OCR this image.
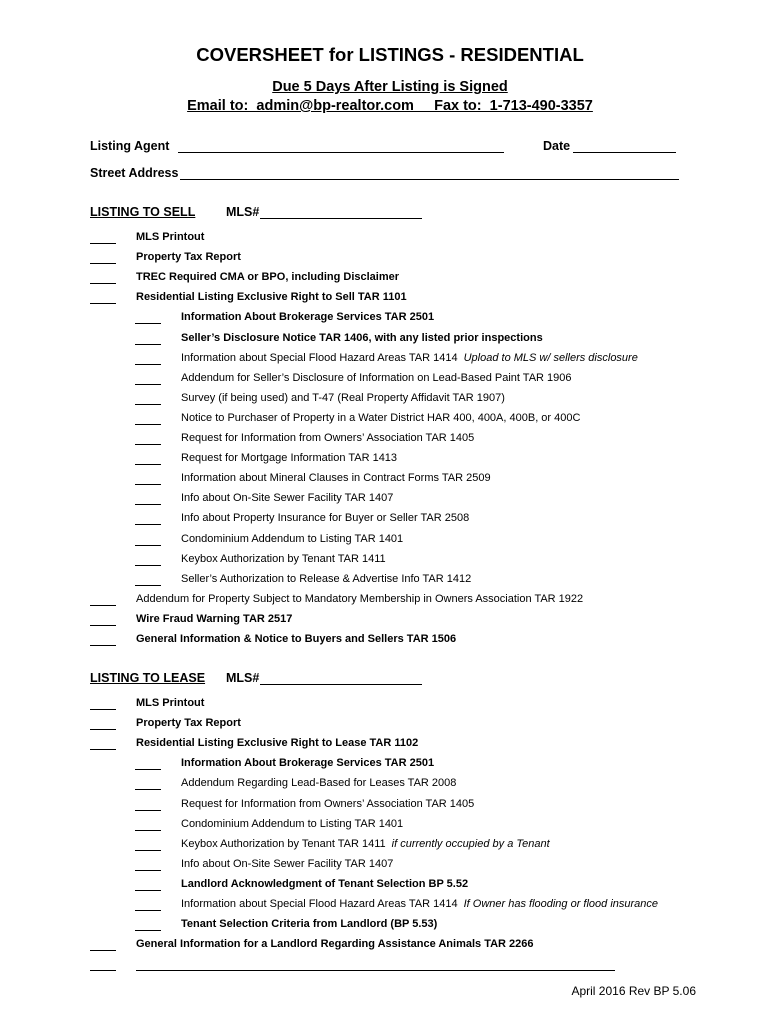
COVERSHEET for LISTINGS - RESIDENTIAL
Due 5 Days After Listing is Signed
Email to:  admin@bp-realtor.com     Fax to:  1-713-490-3357
Listing Agent	Date
Street Address
LISTING TO SELL MLS#
MLS Printout
Property Tax Report
TREC Required CMA or BPO, including Disclaimer
Residential Listing Exclusive Right to Sell TAR 1101
Information About Brokerage Services TAR 2501
Seller’s Disclosure Notice TAR 1406, with any listed prior inspections
Information about Special Flood Hazard Areas TAR 1414 Upload to MLS w/ sellers disclosure
Addendum for Seller’s Disclosure of Information on Lead-Based Paint TAR 1906
Survey (if being used) and T-47 (Real Property Affidavit TAR 1907)
Notice to Purchaser of Property in a Water District HAR 400, 400A, 400B, or 400C
Request for Information from Owners’ Association TAR 1405
Request for Mortgage Information TAR 1413
Information about Mineral Clauses in Contract Forms TAR 2509
Info about On-Site Sewer Facility TAR 1407
Info about Property Insurance for Buyer or Seller TAR 2508
Condominium Addendum to Listing TAR 1401
Keybox Authorization by Tenant TAR 1411
Seller’s Authorization to Release & Advertise Info TAR 1412
Addendum for Property Subject to Mandatory Membership in Owners Association TAR 1922
Wire Fraud Warning TAR 2517
General Information & Notice to Buyers and Sellers TAR 1506
LISTING TO LEASE MLS#
MLS Printout
Property Tax Report
Residential Listing Exclusive Right to Lease TAR 1102
Information About Brokerage Services TAR 2501
Addendum Regarding Lead-Based for Leases TAR 2008
Request for Information from Owners’ Association TAR 1405
Condominium Addendum to Listing TAR 1401
Keybox Authorization by Tenant TAR 1411 if currently occupied by a Tenant
Info about On-Site Sewer Facility TAR 1407
Landlord Acknowledgment of Tenant Selection BP 5.52
Information about Special Flood Hazard Areas TAR 1414 If Owner has flooding or flood insurance
Tenant Selection Criteria from Landlord (BP 5.53)
General Information for a Landlord Regarding Assistance Animals TAR 2266
April 2016 Rev BP 5.06
